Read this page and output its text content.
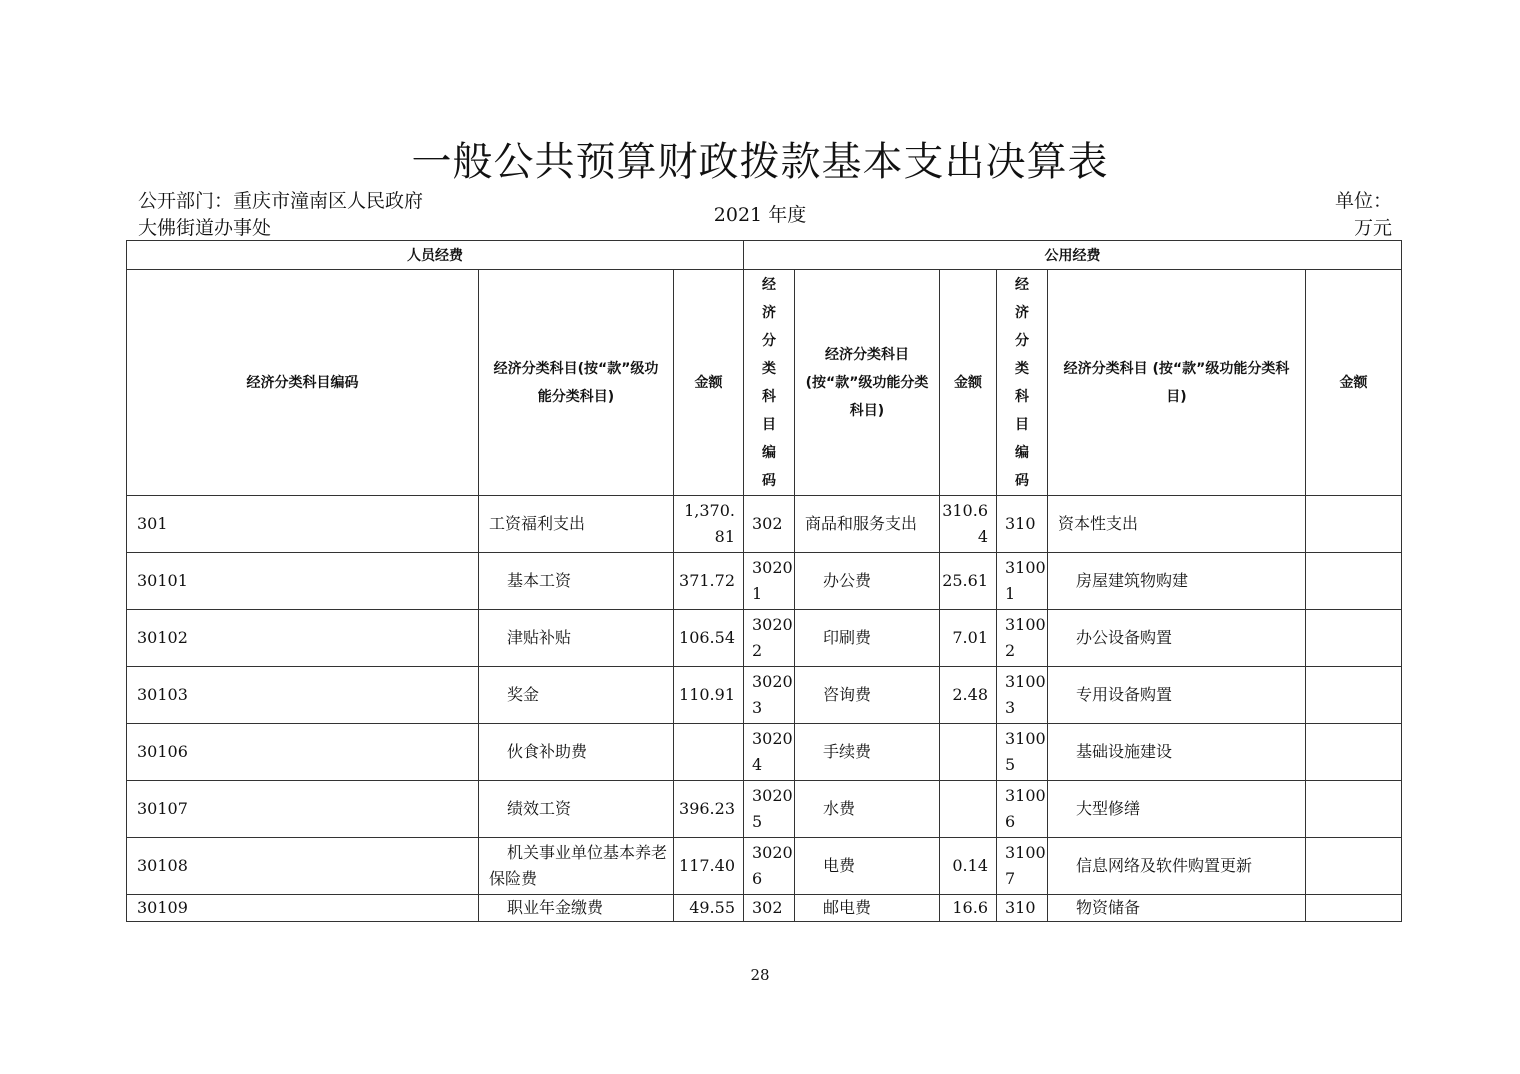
一般公共预算财政拨款基本支出决算表
公开部门：重庆市潼南区人民政府
大佛街道办事处
2021 年度
单位：
万元
人员经费			公用经费					
经济分类科目编码	经济分类科目(按“款”级功能分类科目)	金额	经济分类科目编码	经济分类科目(按“款”级功能分类科目)	金额	经济分类科目编码	经济分类科目 (按“款”级功能分类科目)	金额
301	工资福利支出	1,370.81	302	商品和服务支出	310.64	310	资本性支出	
30101	基本工资	371.72	30201	办公费	25.61	31001	房屋建筑物购建	
30102	津贴补贴	106.54	30202	印刷费	7.01	31002	办公设备购置	
30103	奖金	110.91	30203	咨询费	2.48	31003	专用设备购置	
30106	伙食补助费		30204	手续费		31005	基础设施建设	
30107	绩效工资	396.23	30205	水费		31006	大型修缮	
30108	机关事业单位基本养老保险费	117.40	30206	电费	0.14	31007	信息网络及软件购置更新	
30109	职业年金缴费	49.55	302	邮电费	16.6	310	物资储备	
28
